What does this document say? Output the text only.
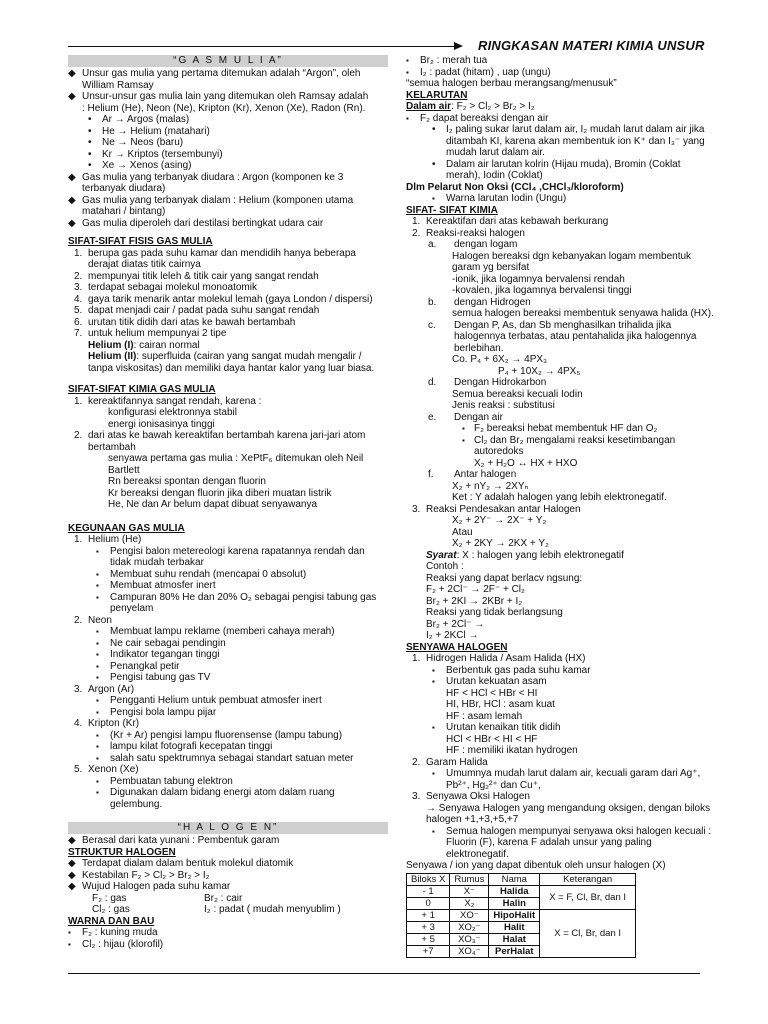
RINGKASAN MATERI KIMIA UNSUR
“G A S M U L I A”
◆ Unsur gas mulia yang pertama ditemukan adalah “Argon”, oleh
William Ramsay
◆ Unsur-unsur gas mulia lain yang ditemukan oleh Ramsay adalah
: Helium (He), Neon (Ne), Kripton (Kr), Xenon (Xe), Radon (Rn).
•	Ar → Argos (malas)
•	He → Helium (matahari)
•	Ne → Neos (baru)
•	Kr → Kriptos (tersembunyi)
•	Xe → Xenos (asing)
◆ Gas mulia yang terbanyak diudara : Argon (komponen ke 3
terbanyak diudara)
◆ Gas mulia yang terbanyak dialam : Helium (komponen utama
matahari / bintang)
◆ Gas mulia diperoleh dari destilasi bertingkat udara cair
SIFAT-SIFAT FISIS GAS MULIA
1. berupa gas pada suhu kamar dan mendidih hanya beberapa
derajat diatas titik cairnya
2. mempunyai titik leleh & titik cair yang sangat rendah
3. terdapat sebagai molekul monoatomik
4. gaya tarik menarik antar molekul lemah (gaya London / dispersi)
5. dapat menjadi cair / padat pada suhu sangat rendah
6. urutan titik didih dari atas ke bawah bertambah
7. untuk helium mempunyai 2 tipe
Helium (I) : cairan normal
Helium (II) : superfluida (cairan yang sangat mudah mengalir /
tanpa viskositas) dan memiliki daya hantar kalor yang luar biasa.
SIFAT-SIFAT KIMIA GAS MULIA
1. kereaktifannya sangat rendah, karena :
konfigurasi elektronnya stabil
energi ionisasinya tinggi
2. dari atas ke bawah kereaktifan bertambah karena jari-jari atom
bertambah
senyawa pertama gas mulia : XePtF₆ ditemukan oleh Neil
Bartlett
Rn bereaksi spontan dengan fluorin
Kr bereaksi dengan fluorin jika diberi muatan listrik
He, Ne dan Ar belum dapat dibuat senyawanya
KEGUNAAN GAS MULIA
1. Helium (He)
▪	Pengisi balon metereologi karena rapatannya rendah dan
tidak mudah terbakar
▪	Membuat suhu rendah (mencapai 0 absolut)
▪	Membuat atmosfer inert
▪	Campuran 80% He dan 20% O₂ sebagai pengisi tabung gas
penyelam
2. Neon
▪	Membuat lampu reklame (memberi cahaya merah)
▪	Ne cair sebagai pendingin
▪	Indikator tegangan tinggi
▪	Penangkal petir
▪	Pengisi tabung gas TV
3. Argon (Ar)
▪	Pengganti Helium untuk pembuat atmosfer inert
▪	Pengisi bola lampu pijar
4. Kripton (Kr)
▪	(Kr + Ar) pengisi lampu fluorensense (lampu tabung)
▪	lampu kilat fotografi kecepatan tinggi
▪	salah satu spektrumnya sebagai standart satuan meter
5. Xenon (Xe)
▪	Pembuatan tabung elektron
▪	Digunakan dalam bidang energi atom dalam ruang
gelembung.
“H A L O G E N”
◆ Berasal dari kata yunani : Pembentuk garam
STRUKTUR HALOGEN
◆ Terdapat dialam dalam bentuk molekul diatomik
◆ Kestabilan F₂ > Cl₂ > Br₂ > I₂
◆ Wujud Halogen pada suhu kamar
F₂ : gas	Br₂ : cair
Cl₂ : gas	I₂ : padat ( mudah menyublim )
WARNA DAN BAU
▪	F₂ : kuning muda
▪	Cl₂ : hijau (klorofil)
▪	Br₂ : merah tua
▪	I₂ : padat (hitam) , uap (ungu)
“semua halogen berbau merangsang/menusuk”
KELARUTAN
Dalam air : F₂ > Cl₂ > Br₂ > I₂
▪	F₂ dapat bereaksi dengan air
•	I₂ paling sukar larut dalam air, I₂ mudah larut dalam air jika
ditambah KI, karena akan membentuk ion K⁺ dan I₃⁻ yang
mudah larut dalam air.
•	Dalam air larutan kolrin (Hijau muda), Bromin (Coklat
merah), Iodin (Coklat)
Dlm Pelarut Non Oksi (CCl₄ ,CHCl₃/kloroform)
▪	Warna larutan Iodin (Ungu)
SIFAT- SIFAT KIMIA
1. Kereaktifan dari atas kebawah berkurang
2. Reaksi-reaksi halogen
a.	dengan logam
Halogen bereaksi dgn kebanyakan logam membentuk
garam yg bersifat
-ionik, jika logamnya bervalensi rendah
-kovalen, jika logamnya bervalensi tinggi
b.	dengan Hidrogen
semua halogen bereaksi membentuk senyawa halida (HX).
c.	Dengan P, As, dan Sb menghasilkan trihalida jika
halogennya terbatas, atau pentahalida jika halogennya
berlebihan.
Co. P₄ + 6X₂ → 4PX₃
P₄ + 10X₂ → 4PX₅
d.	Dengan Hidrokarbon
Semua bereaksi kecuali Iodin
Jenis reaksi : substitusi
e.	Dengan air
▪ F₂ bereaksi hebat membentuk HF dan O₂
▪ Cl₂ dan Br₂ mengalami reaksi kesetimbangan
autoredoks
X₂ + H₂O ↔ HX + HXO
f.	Antar halogen
X₂ + nY₂ → 2XYₙ
Ket : Y adalah halogen yang lebih elektronegatif.
3. Reaksi Pendesakan antar Halogen
X₂ + 2Y⁻ → 2X⁻ + Y₂
Atau
X₂ + 2KY → 2KX + Y₂
Syarat : X : halogen yang lebih elektronegatif
Contoh :
Reaksi yang dapat berlacv ngsung:
F₂ + 2Cl⁻ → 2F⁻ + Cl₂
Br₂ + 2KI → 2KBr + I₂
Reaksi yang tidak berlangsung
Br₂ + 2Cl⁻ →
I₂ + 2KCl →
SENYAWA HALOGEN
1. Hidrogen Halida / Asam Halida (HX)
▪	Berbentuk gas pada suhu kamar
▪	Urutan kekuatan asam
HF < HCl < HBr < HI
HI, HBr, HCl : asam kuat
HF : asam lemah
▪	Urutan kenaikan titik didih
HCl < HBr < HI < HF
HF : memiliki ikatan hydrogen
2. Garam Halida
▪	Umumnya mudah larut dalam air, kecuali garam dari Ag⁺,
Pb²⁺, Hg₂²⁺ dan Cu⁺,
3. Senyawa Oksi Halogen
→ Senyawa Halogen yang mengandung oksigen, dengan biloks
halogen +1,+3,+5,+7
▪	Semua halogen mempunyai senyawa oksi halogen kecuali :
Fluorin (F), karena F adalah unsur yang paling
elektronegatif.
Senyawa / ion yang dapat dibentuk oleh unsur halogen (X)
Biloks X	Rumus	Nama	Keterangan
- 1	X⁻	Halida	X = F, Cl, Br, dan I
0	X₂	Halin	
+ 1	XO⁻	HipoHalit	X = Cl, Br, dan I
+ 3	XO₂⁻	Halit	
+ 5	XO₃⁻	Halat	
+7	XO₄⁻	PerHalat	
